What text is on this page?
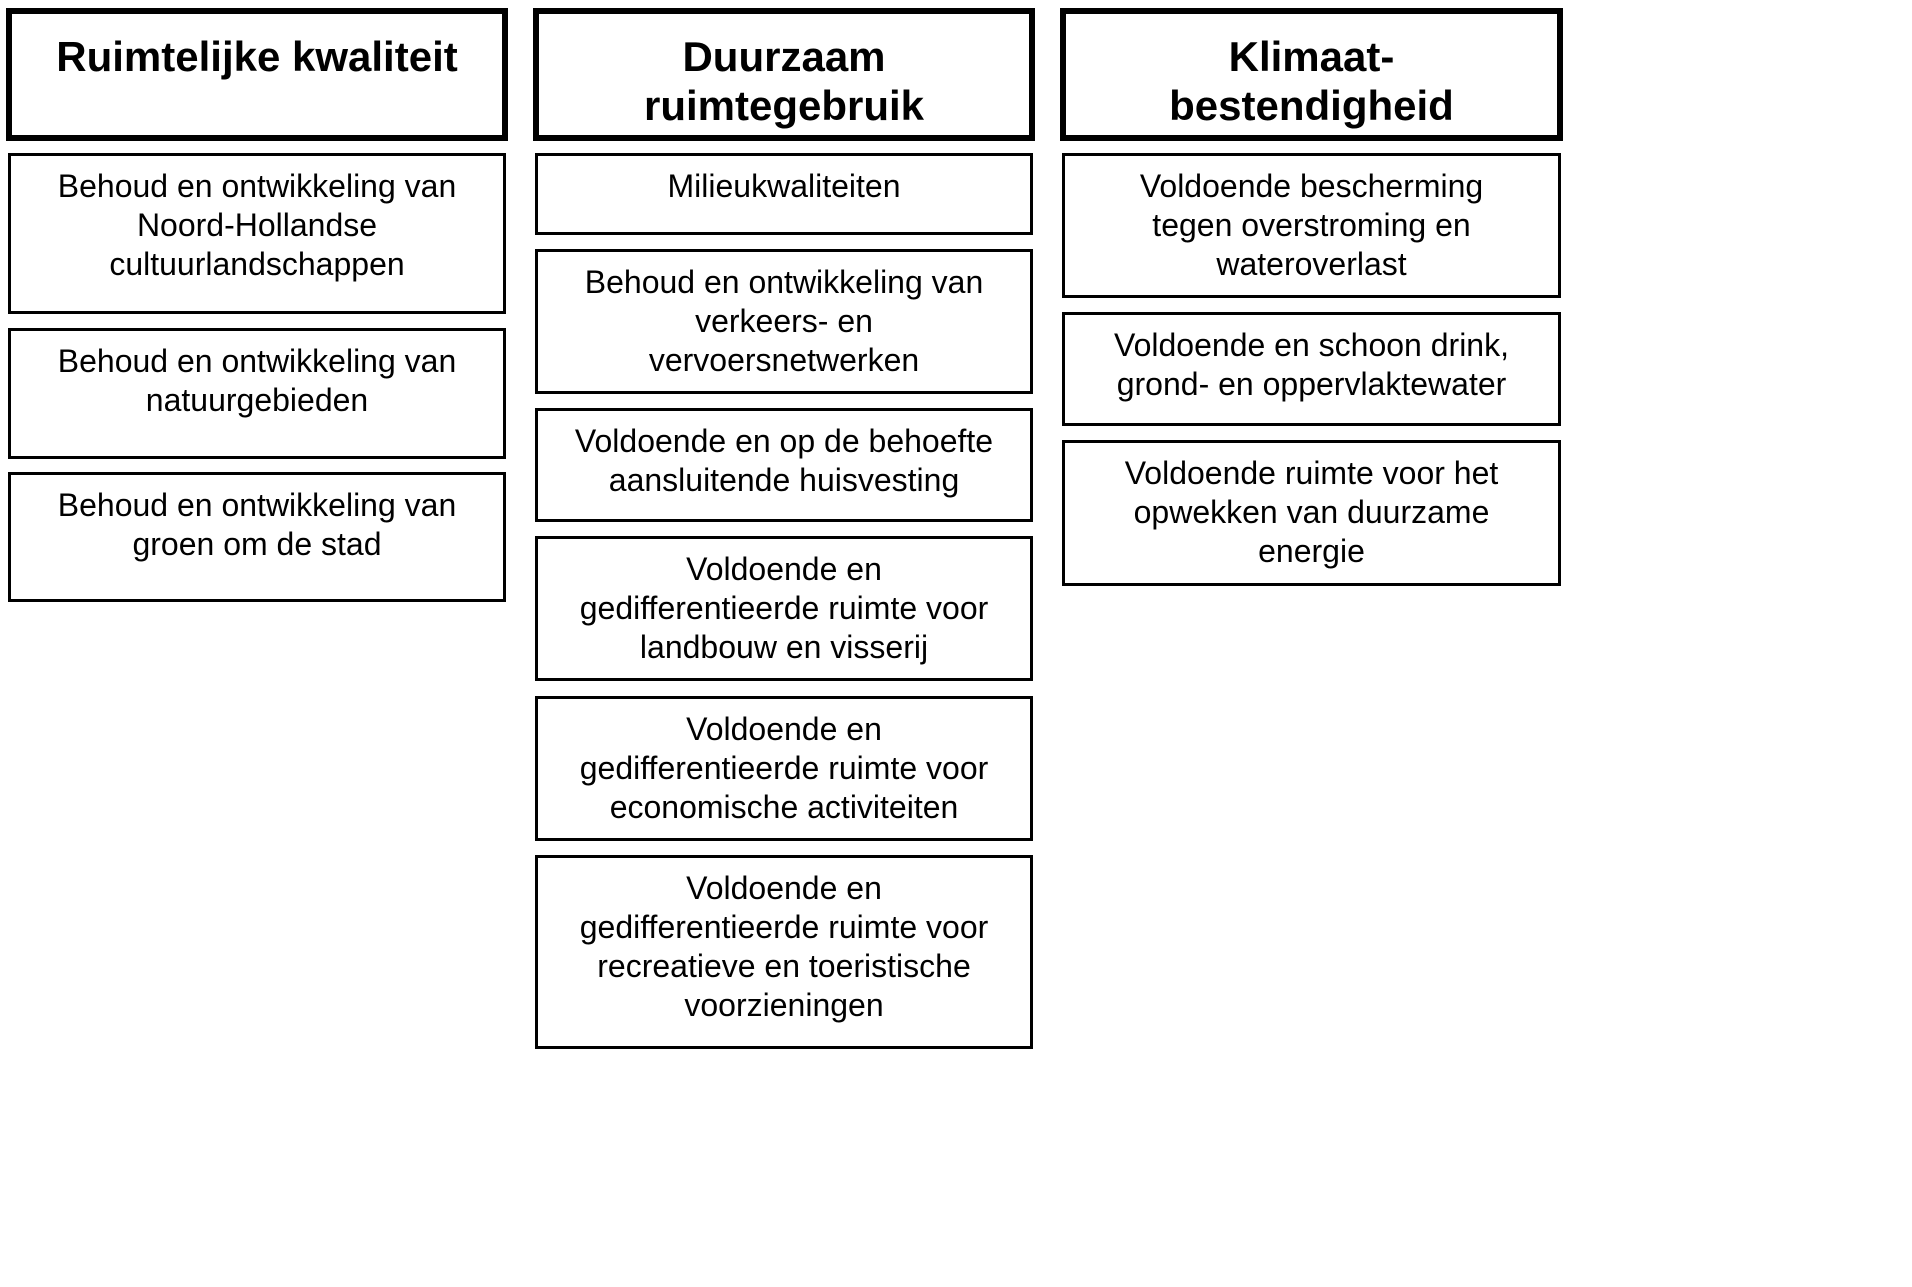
Ruimtelijke kwaliteit
Behoud en ontwikkeling van
Noord-Hollandse
cultuurlandschappen
Behoud en ontwikkeling van
natuurgebieden
Behoud en ontwikkeling van
groen om de stad
Duurzaam
ruimtegebruik
Milieukwaliteiten
Behoud en ontwikkeling van
verkeers- en
vervoersnetwerken
Voldoende en op de behoefte
aansluitende huisvesting
Voldoende en
gedifferentieerde ruimte voor
landbouw en visserij
Voldoende en
gedifferentieerde ruimte voor
economische activiteiten
Voldoende en
gedifferentieerde ruimte voor
recreatieve en toeristische
voorzieningen
Klimaat-
bestendigheid
Voldoende bescherming
tegen overstroming en
wateroverlast
Voldoende en schoon drink,
grond- en oppervlaktewater
Voldoende ruimte voor het
opwekken van duurzame
energie
